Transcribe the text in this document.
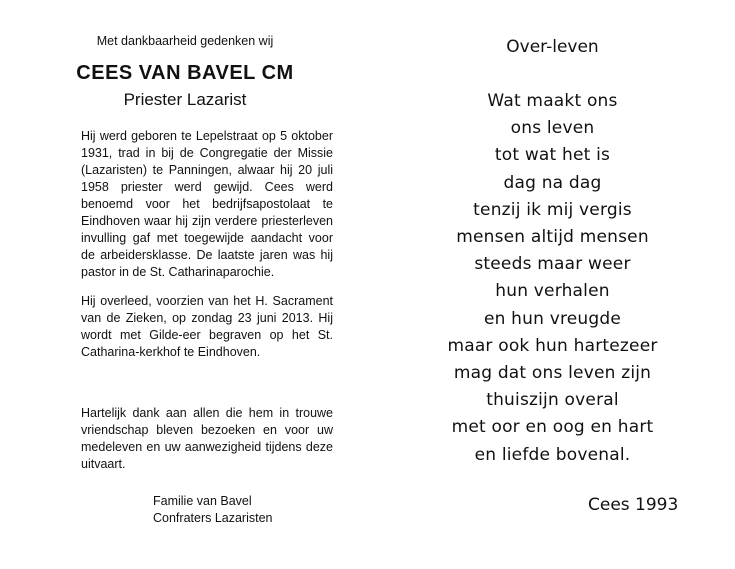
Met dankbaarheid gedenken wij
CEES VAN BAVEL CM
Priester Lazarist

Hij werd geboren te Lepelstraat op 5 oktober 1931, trad in bij de Congregatie der Missie (Lazaristen) te Panningen, alwaar hij 20 juli 1958 priester werd gewijd. Cees werd benoemd voor het bedrijfsapostolaat te Eindhoven waar hij zijn verdere priesterleven invulling gaf met toegewijde aandacht voor de arbeidersklasse. De laatste jaren was hij pastor in de St. Catharinaparochie.

Hij overleed, voorzien van het H. Sacrament van de Zieken, op zondag 23 juni 2013. Hij wordt met Gilde-eer begraven op het St. Catharina-kerkhof te Eindhoven.

Hartelijk dank aan allen die hem in trouwe vriendschap bleven bezoeken en voor uw medeleven en uw aanwezigheid tijdens deze uitvaart.

Familie van Bavel
Confraters Lazaristen
Over-leven
Wat maakt ons
ons leven
tot wat het is
dag na dag
tenzij ik mij vergis
mensen altijd mensen
steeds maar weer
hun verhalen
en hun vreugde
maar ook hun hartezeer
mag dat ons leven zijn
thuiszijn overal
met oor en oog en hart
en liefde bovenal.
Cees 1993
